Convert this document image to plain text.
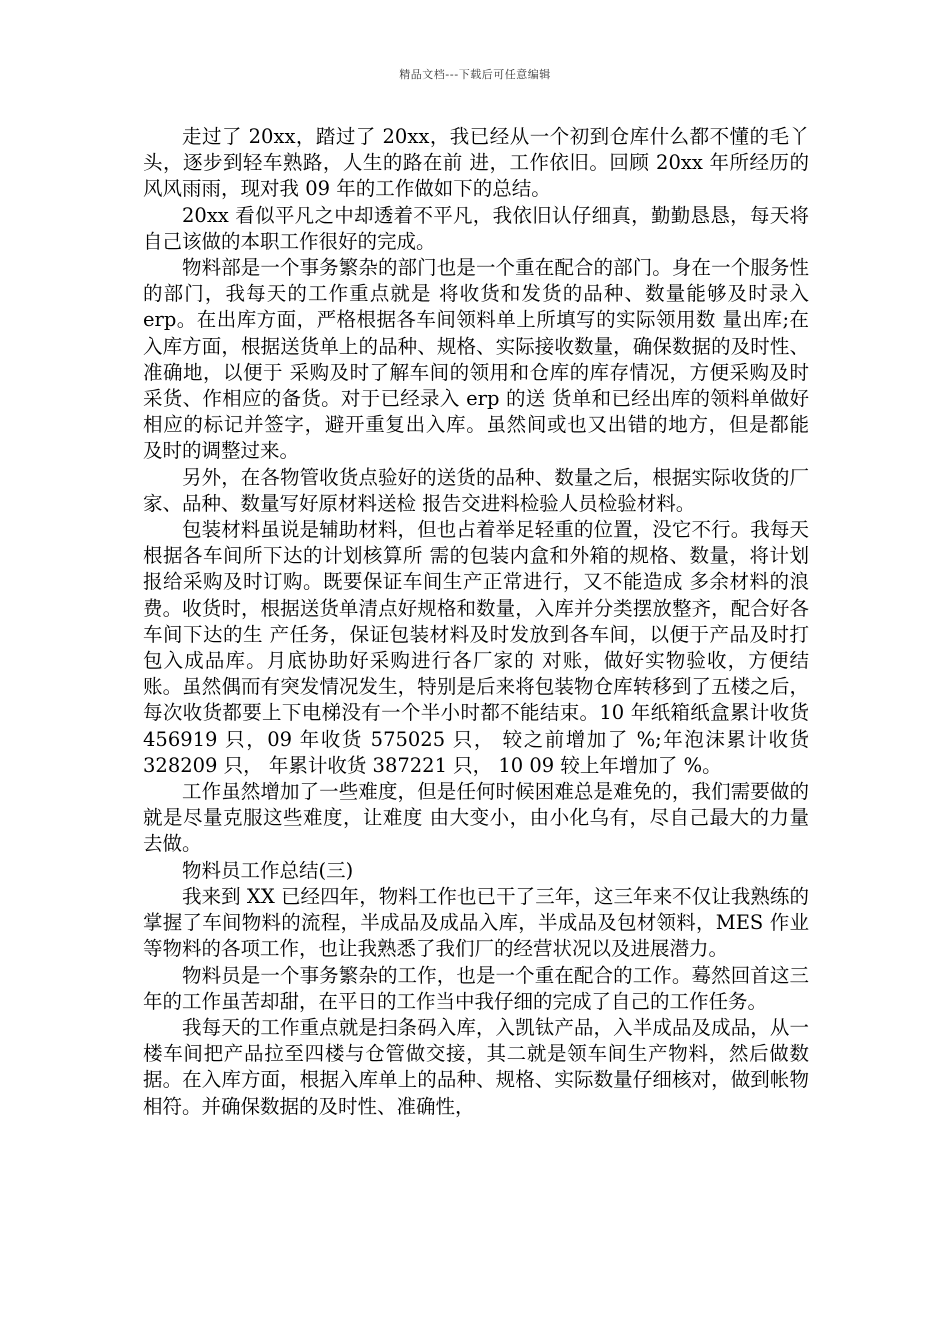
精品文档---下载后可任意编辑

走过了 20xx，踏过了 20xx，我已经从一个初到仓库什么都不懂的毛丫头，逐步到轻车熟路，人生的路在前 进，工作依旧。回顾 20xx 年所经历的风风雨雨，现对我 09 年的工作做如下的总结。

20xx 看似平凡之中却透着不平凡，我依旧认仔细真，勤勤恳恳，每天将自己该做的本职工作很好的完成。

物料部是一个事务繁杂的部门也是一个重在配合的部门。身在一个服务性的部门，我每天的工作重点就是 将收货和发货的品种、数量能够及时录入 erp。在出库方面，严格根据各车间领料单上所填写的实际领用数 量出库;在入库方面，根据送货单上的品种、规格、实际接收数量，确保数据的及时性、准确地，以便于 采购及时了解车间的领用和仓库的库存情况，方便采购及时采货、作相应的备货。对于已经录入 erp 的送 货单和已经出库的领料单做好相应的标记并签字，避开重复出入库。虽然间或也又出错的地方，但是都能 及时的调整过来。

另外，在各物管收货点验好的送货的品种、数量之后，根据实际收货的厂家、品种、数量写好原材料送检 报告交进料检验人员检验材料。

包装材料虽说是辅助材料，但也占着举足轻重的位置，没它不行。我每天根据各车间所下达的计划核算所 需的包装内盒和外箱的规格、数量，将计划报给采购及时订购。既要保证车间生产正常进行，又不能造成 多余材料的浪费。收货时，根据送货单清点好规格和数量，入库并分类摆放整齐，配合好各车间下达的生 产任务，保证包装材料及时发放到各车间，以便于产品及时打包入成品库。月底协助好采购进行各厂家的 对账，做好实物验收，方便结账。虽然偶而有突发情况发生，特别是后来将包装物仓库转移到了五楼之后， 每次收货都要上下电梯没有一个半小时都不能结束。10 年纸箱纸盒累计收货 456919 只，09 年收货 575025 只， 较之前增加了 %;年泡沫累计收货 328209 只， 年累计收货 387221 只， 10 09 较上年增加了 %。

工作虽然增加了一些难度，但是任何时候困难总是难免的，我们需要做的就是尽量克服这些难度，让难度 由大变小，由小化乌有，尽自己最大的力量去做。

物料员工作总结(三)

我来到 XX 已经四年，物料工作也已干了三年，这三年来不仅让我熟练的掌握了车间物料的流程，半成品及成品入库，半成品及包材领料，MES 作业等物料的各项工作，也让我熟悉了我们厂的经营状况以及进展潜力。

物料员是一个事务繁杂的工作，也是一个重在配合的工作。蓦然回首这三年的工作虽苦却甜，在平日的工作当中我仔细的完成了自己的工作任务。

我每天的工作重点就是扫条码入库，入凯钛产品，入半成品及成品，从一楼车间把产品拉至四楼与仓管做交接，其二就是领车间生产物料，然后做数据。在入库方面，根据入库单上的品种、规格、实际数量仔细核对，做到帐物相符。并确保数据的及时性、准确性，
